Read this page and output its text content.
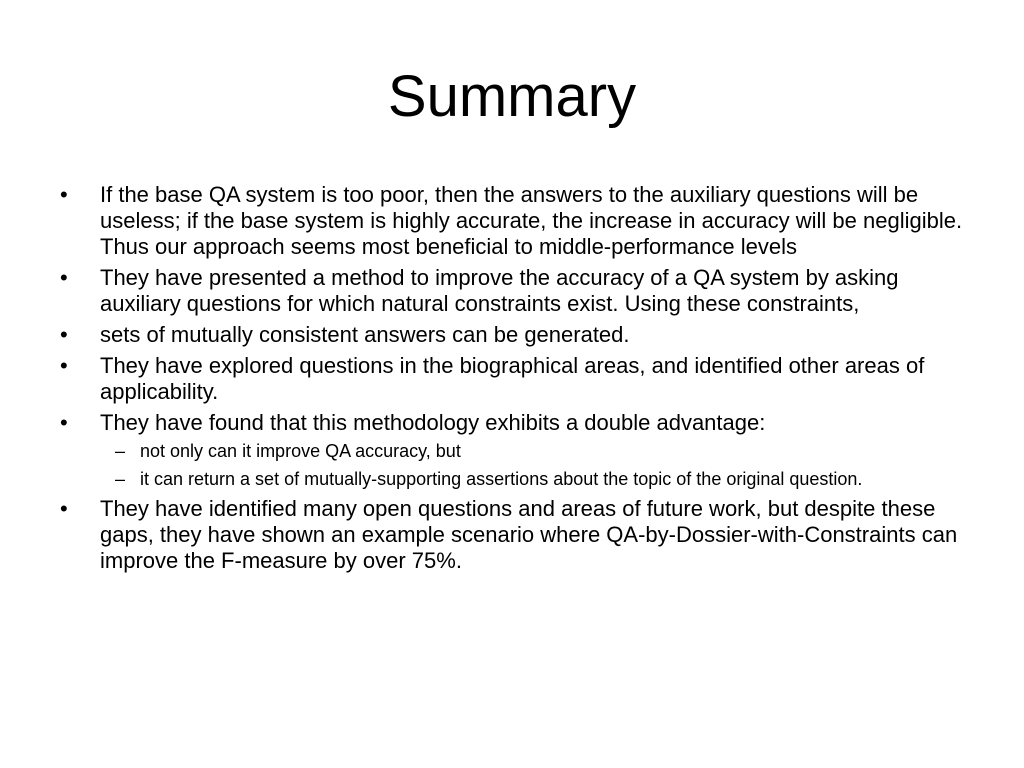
Summary
•	If the base QA system is too poor, then the answers to the auxiliary questions will be useless; if the base system is highly accurate, the increase in accuracy will be negligible. Thus our approach seems most beneficial to middle-performance levels
•	They have presented a method to improve the accuracy of a QA system by asking auxiliary questions for which natural constraints exist. Using these constraints,
•	sets of mutually consistent answers can be generated.
•	They have explored questions in the biographical areas, and identified other areas of applicability.
•	They have found that this methodology exhibits a double advantage:
– not only can it improve QA accuracy, but
– it can return a set of mutually-supporting assertions about the topic of the original question.
•	They have identified many open questions and areas of future work, but despite these gaps, they have shown an example scenario where QA-by-Dossier-with-Constraints can improve the F-measure by over 75%.
